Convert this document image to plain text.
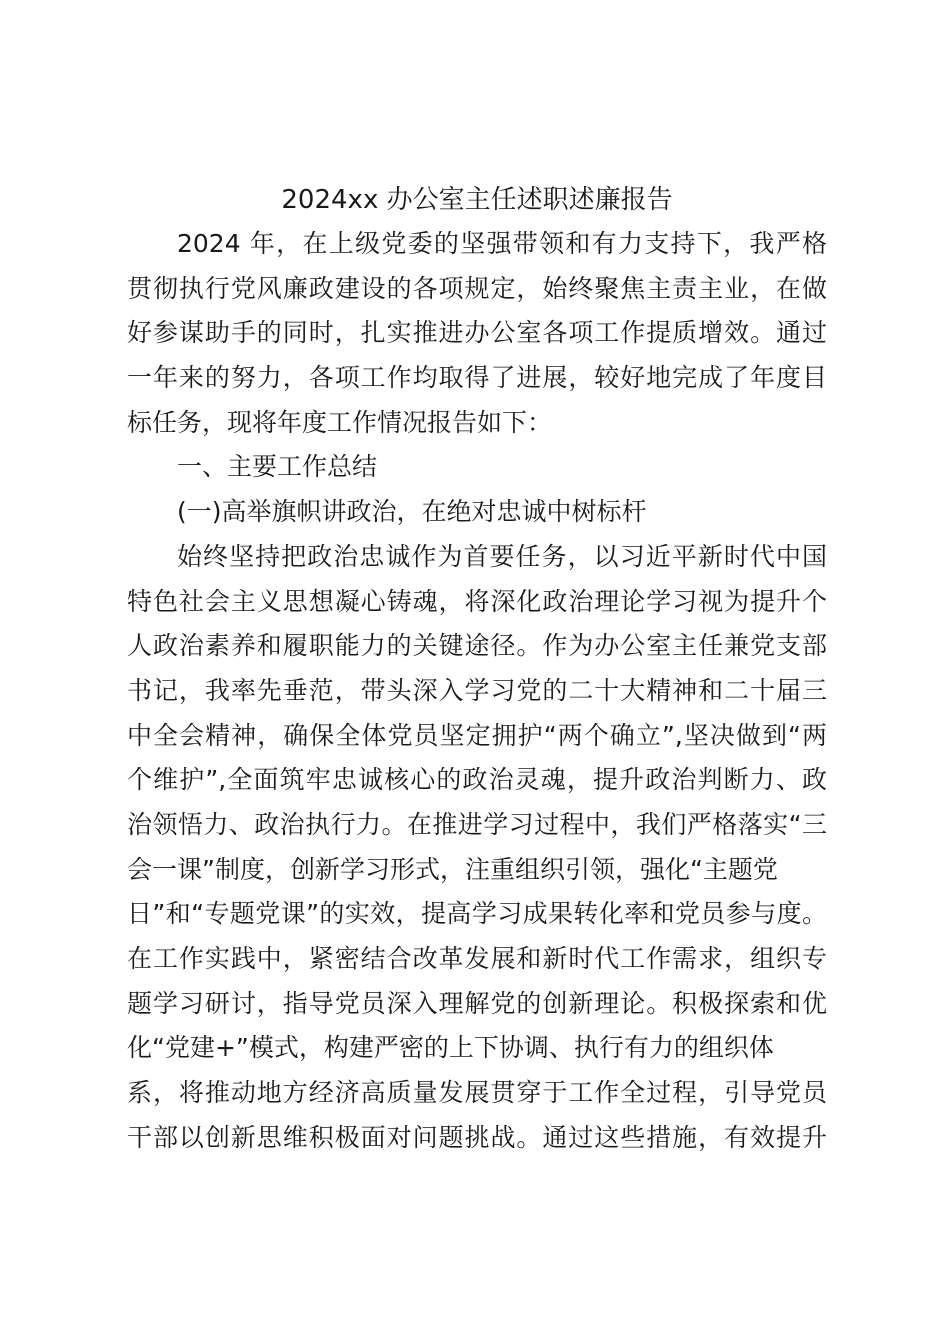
2024xx 办公室主任述职述廉报告
2024 年，在上级党委的坚强带领和有力支持下，我严格
贯彻执行党风廉政建设的各项规定，始终聚焦主责主业，在做
好参谋助手的同时，扎实推进办公室各项工作提质增效。通过
一年来的努力，各项工作均取得了进展，较好地完成了年度目
标任务，现将年度工作情况报告如下：
一、主要工作总结
(一)高举旗帜讲政治，在绝对忠诚中树标杆
始终坚持把政治忠诚作为首要任务，以习近平新时代中国
特色社会主义思想凝心铸魂，将深化政治理论学习视为提升个
人政治素养和履职能力的关键途径。作为办公室主任兼党支部
书记，我率先垂范，带头深入学习党的二十大精神和二十届三
中全会精神，确保全体党员坚定拥护“两个确立”,坚决做到“两
个维护”,全面筑牢忠诚核心的政治灵魂，提升政治判断力、政
治领悟力、政治执行力。在推进学习过程中，我们严格落实“三
会一课”制度，创新学习形式，注重组织引领，强化“主题党
日”和“专题党课”的实效，提高学习成果转化率和党员参与度。
在工作实践中，紧密结合改革发展和新时代工作需求，组织专
题学习研讨，指导党员深入理解党的创新理论。积极探索和优
化“党建+”模式，构建严密的上下协调、执行有力的组织体
系，将推动地方经济高质量发展贯穿于工作全过程，引导党员
干部以创新思维积极面对问题挑战。通过这些措施，有效提升
